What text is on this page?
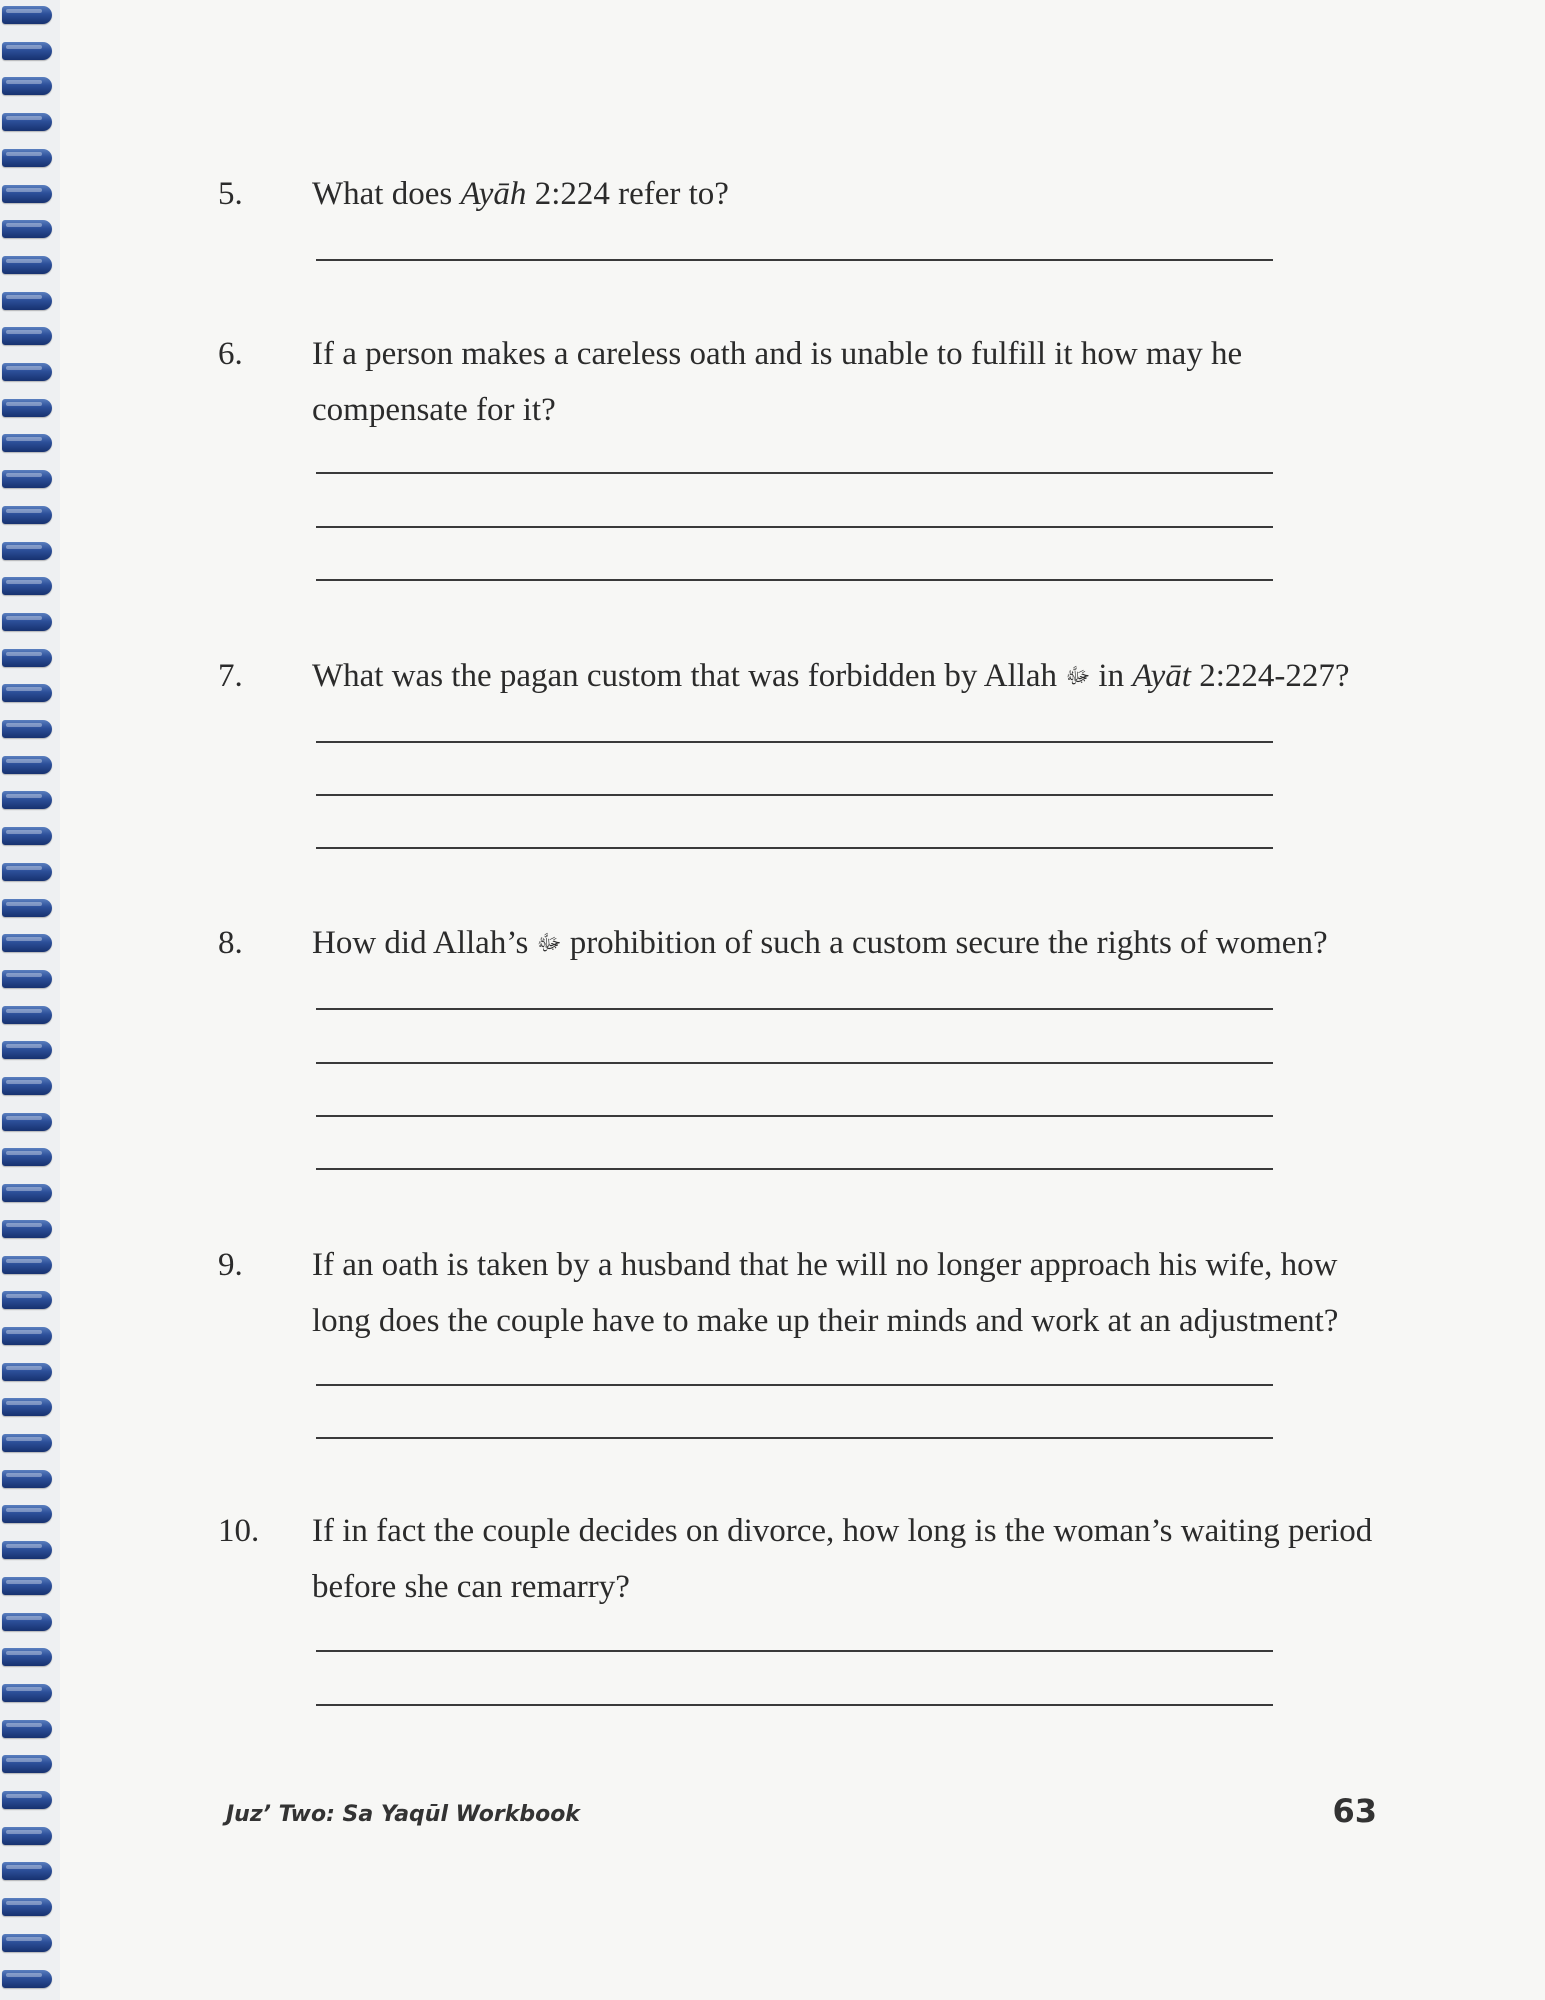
5. What does Ayāh 2:224 refer to?
6. If a person makes a careless oath and is unable to fulfill it how may he compensate for it?
7. What was the pagan custom that was forbidden by Allah ﷻ in Ayāt 2:224-227?
8. How did Allah’s ﷻ prohibition of such a custom secure the rights of women?
9. If an oath is taken by a husband that he will no longer approach his wife, how long does the couple have to make up their minds and work at an adjustment?
10. If in fact the couple decides on divorce, how long is the woman’s waiting period before she can remarry?
Juz’ Two: Sa Yaqūl Workbook	63
